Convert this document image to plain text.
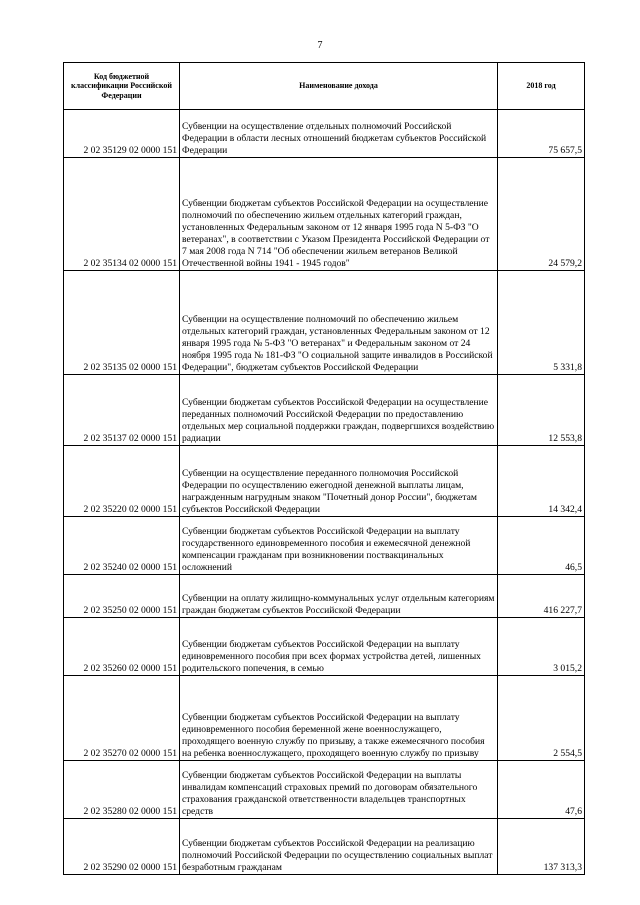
7
Код бюджетной классификации Российской Федерации	Наименование дохода	2018 год
2 02 35129 02 0000 151	Субвенции на осуществление отдельных полномочий Российской Федерации в области лесных отношений бюджетам субъектов Российской Федерации	75 657,5
2 02 35134 02 0000 151	Субвенции бюджетам субъектов Российской Федерации на осуществление полномочий по обеспечению жильем отдельных категорий граждан, установленных Федеральным законом от 12 января 1995 года N 5-ФЗ "О ветеранах", в соответствии с Указом Президента Российской Федерации от 7 мая 2008 года N 714 "Об обеспечении жильем ветеранов Великой Отечественной войны 1941 - 1945 годов"	24 579,2
2 02 35135 02 0000 151	Субвенции на осуществление полномочий по обеспечению жильем отдельных категорий граждан, установленных Федеральным законом от 12 января 1995 года № 5-ФЗ "О ветеранах" и Федеральным законом от 24 ноября 1995 года № 181-ФЗ "О социальной защите инвалидов в Российской Федерации", бюджетам субъектов Российской Федерации	5 331,8
2 02 35137 02 0000 151	Субвенции бюджетам субъектов Российской Федерации на осуществление переданных полномочий Российской Федерации по предоставлению отдельных мер социальной поддержки граждан, подвергшихся воздействию радиации	12 553,8
2 02 35220 02 0000 151	Субвенции на осуществление переданного полномочия Российской Федерации по осуществлению ежегодной денежной выплаты лицам, награжденным нагрудным знаком "Почетный донор России", бюджетам субъектов Российской Федерации	14 342,4
2 02 35240 02 0000 151	Субвенции бюджетам субъектов Российской Федерации на выплату государственного единовременного пособия и ежемесячной денежной компенсации гражданам при возникновении поствакцинальных осложнений	46,5
2 02 35250 02 0000 151	Субвенции на оплату жилищно-коммунальных услуг отдельным категориям граждан бюджетам субъектов Российской Федерации	416 227,7
2 02 35260 02 0000 151	Субвенции бюджетам субъектов Российской Федерации на выплату единовременного пособия при всех формах устройства детей, лишенных родительского попечения, в семью	3 015,2
2 02 35270 02 0000 151	Субвенции бюджетам субъектов Российской Федерации на выплату единовременного пособия беременной жене военнослужащего, проходящего военную службу по призыву, а также ежемесячного пособия на ребенка военнослужащего, проходящего военную службу по призыву	2 554,5
2 02 35280 02 0000 151	Субвенции бюджетам субъектов Российской Федерации на выплаты инвалидам компенсаций страховых премий по договорам обязательного страхования гражданской ответственности владельцев транспортных средств	47,6
2 02 35290 02 0000 151	Субвенции бюджетам субъектов Российской Федерации на реализацию полномочий Российской Федерации по осуществлению социальных выплат безработным гражданам	137 313,3
